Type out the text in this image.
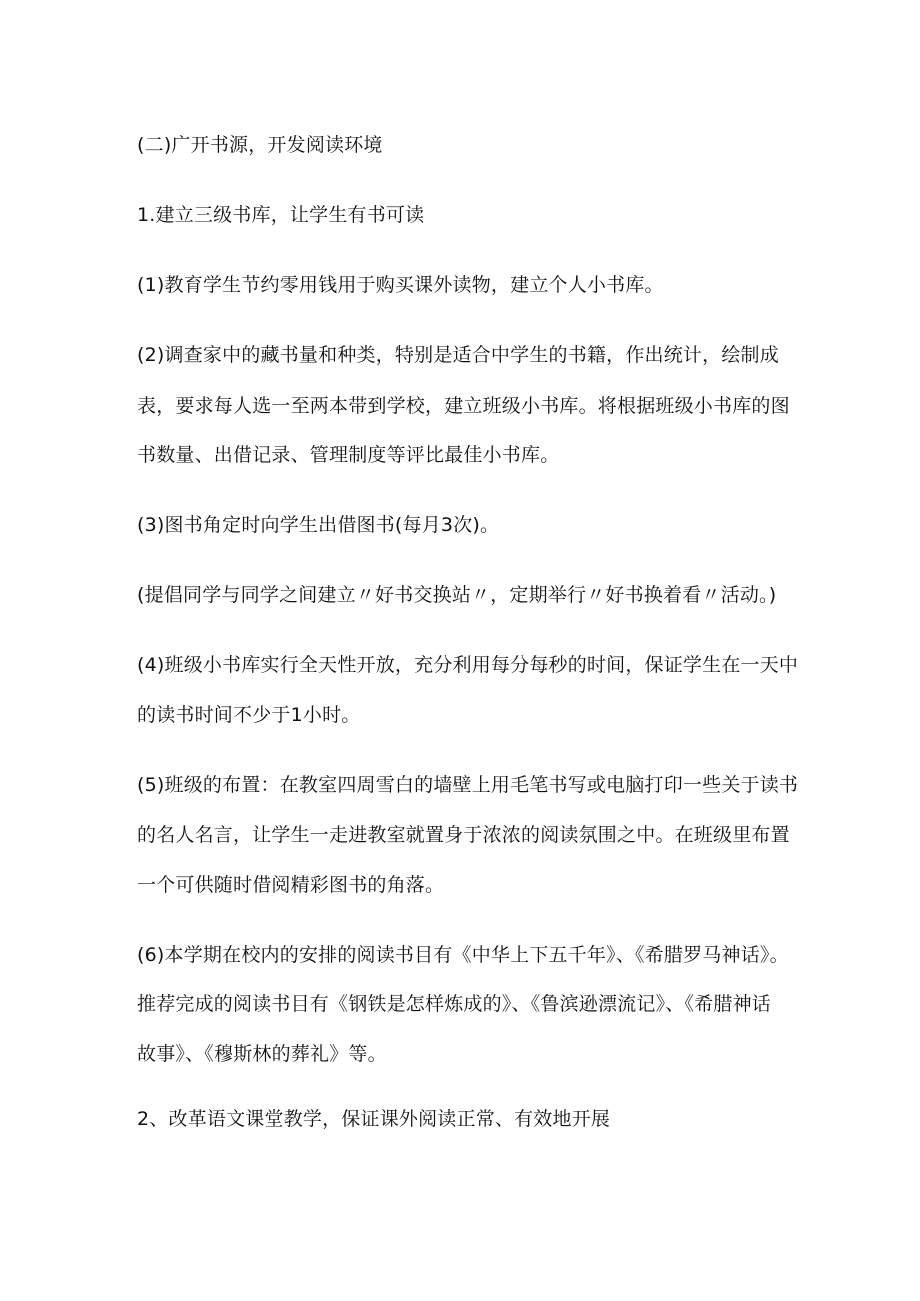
(二)广开书源，开发阅读环境
1.建立三级书库，让学生有书可读
(1)教育学生节约零用钱用于购买课外读物，建立个人小书库。
(2)调查家中的藏书量和种类，特别是适合中学生的书籍，作出统计，绘制成
表，要求每人选一至两本带到学校，建立班级小书库。将根据班级小书库的图
书数量、出借记录、管理制度等评比最佳小书库。
(3)图书角定时向学生出借图书(每月3次)。
(提倡同学与同学之间建立〃好书交换站〃，定期举行〃好书换着看〃活动。)
(4)班级小书库实行全天性开放，充分利用每分每秒的时间，保证学生在一天中
的读书时间不少于1小时。
(5)班级的布置：在教室四周雪白的墙壁上用毛笔书写或电脑打印一些关于读书
的名人名言，让学生一走进教室就置身于浓浓的阅读氛围之中。在班级里布置
一个可供随时借阅精彩图书的角落。
(6)本学期在校内的安排的阅读书目有《中华上下五千年》、《希腊罗马神话》。
推荐完成的阅读书目有《钢铁是怎样炼成的》、《鲁滨逊漂流记》、《希腊神话
故事》、《穆斯林的葬礼》等。
2、改革语文课堂教学，保证课外阅读正常、有效地开展
